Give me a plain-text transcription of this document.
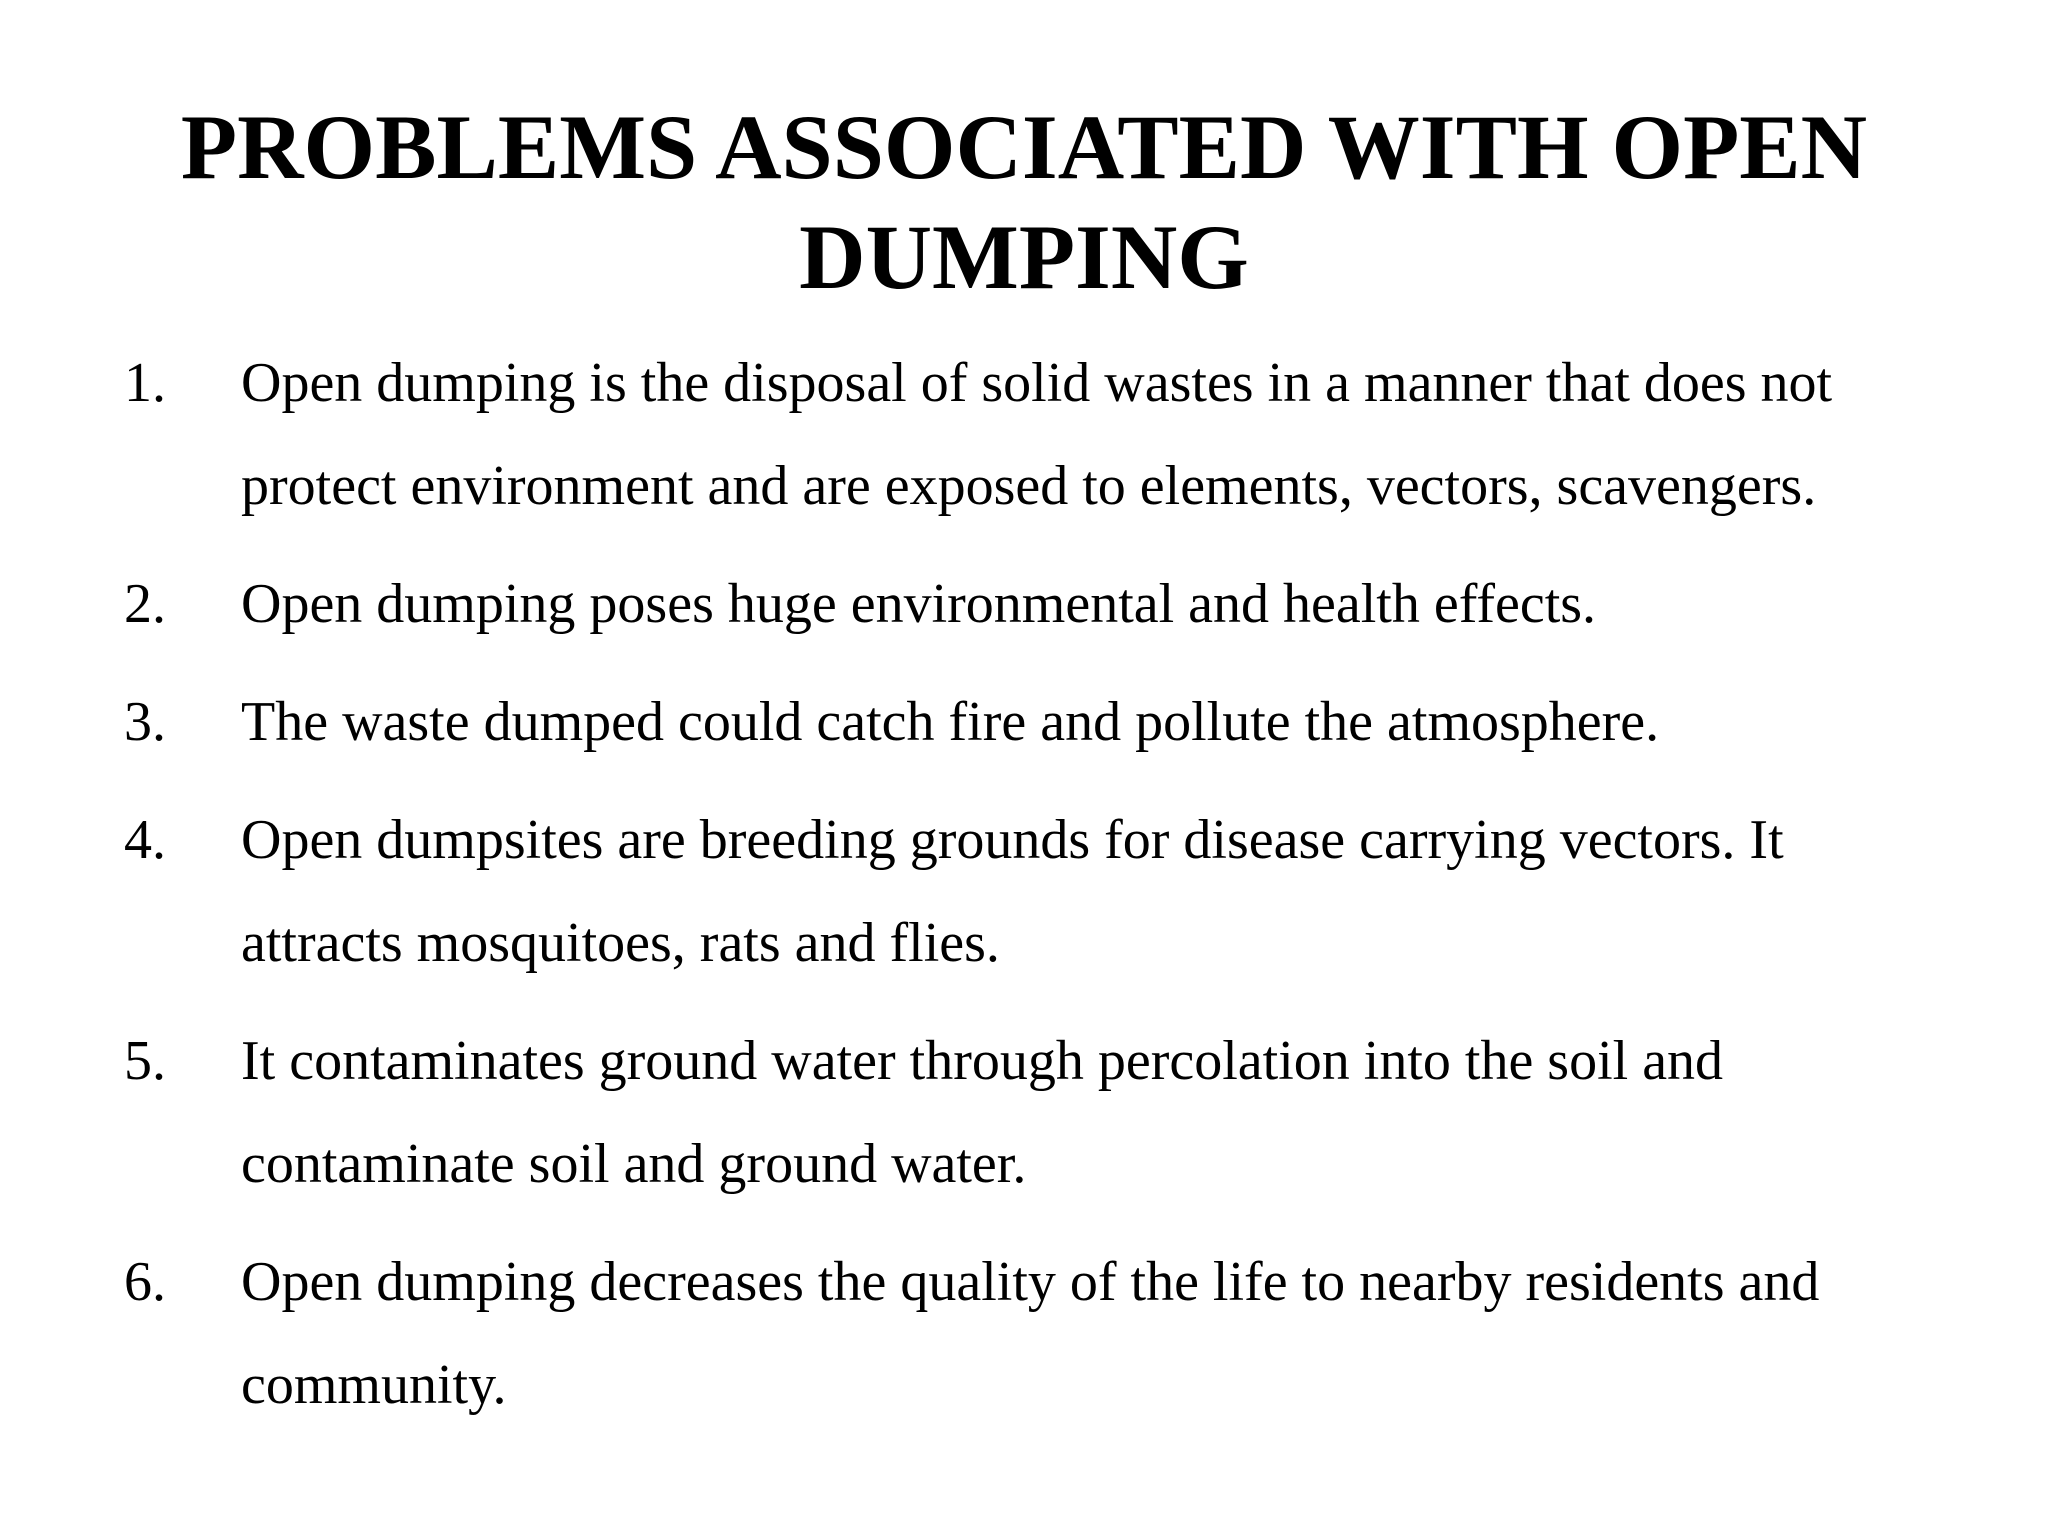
PROBLEMS ASSOCIATED WITH OPEN
DUMPING
1.	Open dumping is the disposal of solid wastes in a manner that does not protect environment and are exposed to elements, vectors, scavengers.
2.	Open dumping poses huge environmental and health effects.
3.	The waste dumped could catch fire and pollute the atmosphere.
4.	Open dumpsites are breeding grounds for disease carrying vectors. It attracts mosquitoes, rats and flies.
5.	It contaminates ground water through percolation into the soil and contaminate soil and ground water.
6.	Open dumping decreases the quality of the life to nearby residents and community.
